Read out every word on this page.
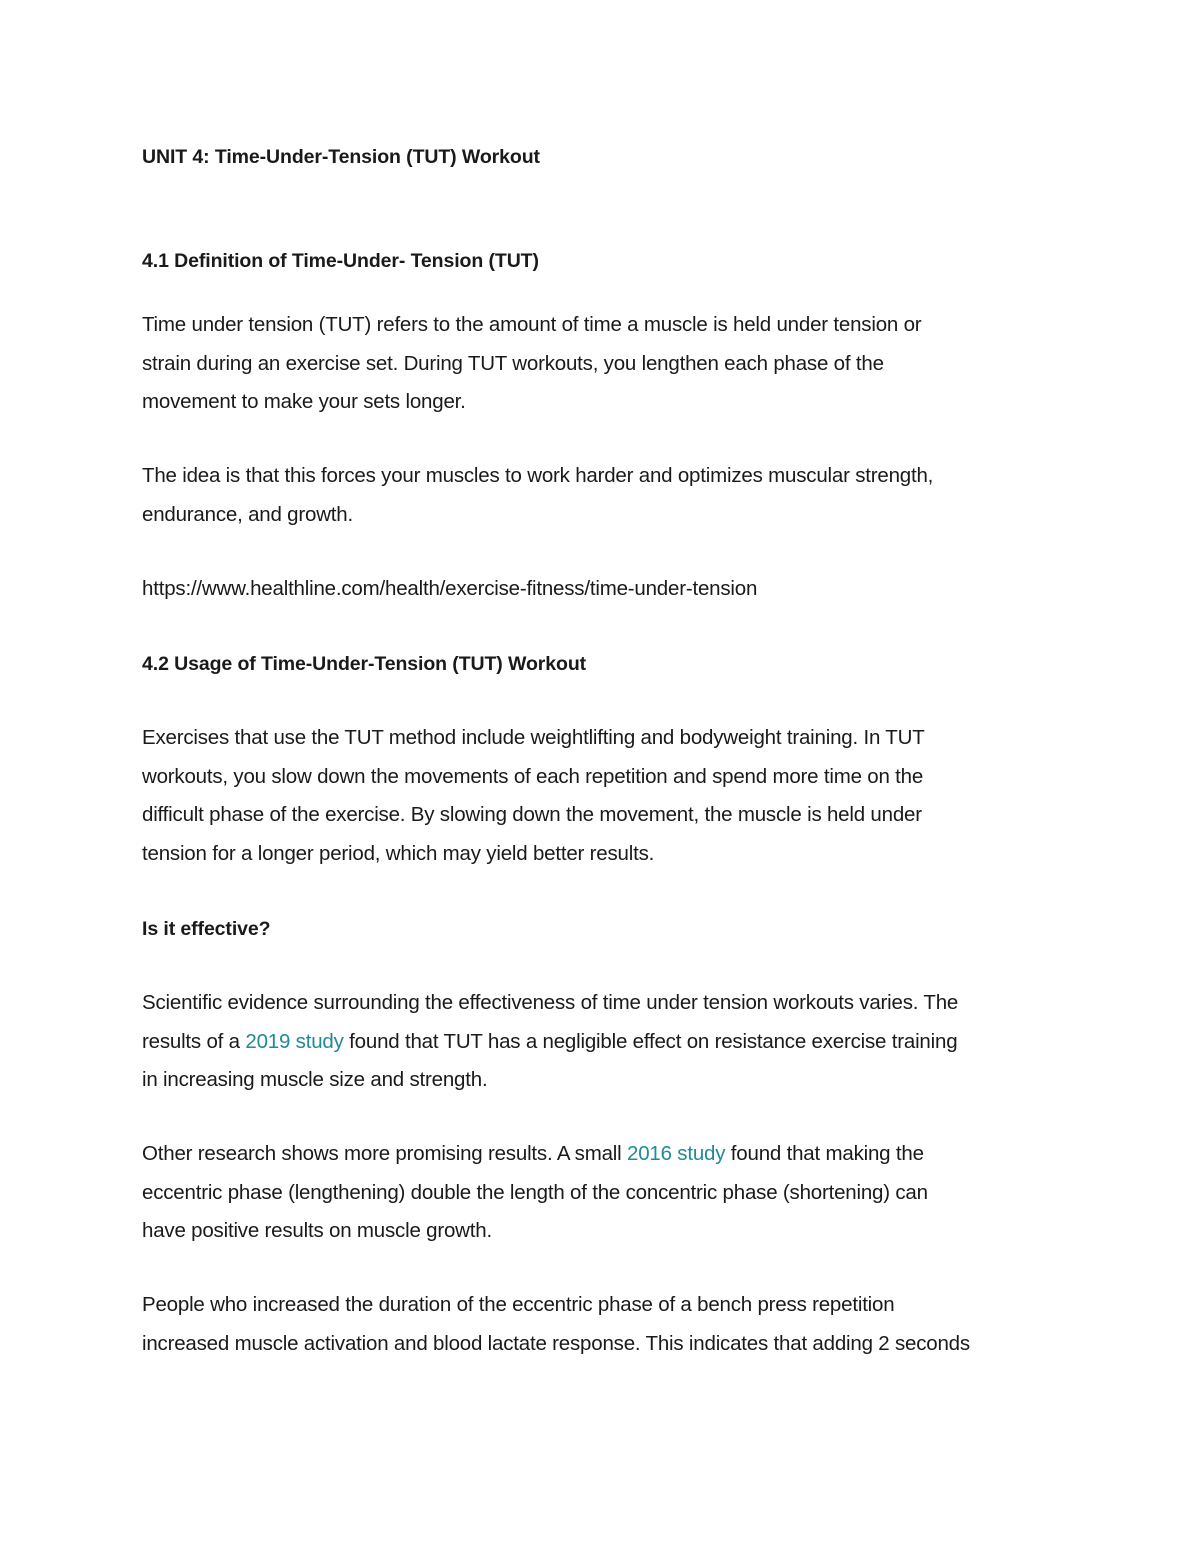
UNIT 4: Time-Under-Tension (TUT) Workout
4.1 Definition of Time-Under- Tension (TUT)
Time under tension (TUT) refers to the amount of time a muscle is held under tension or
strain during an exercise set. During TUT workouts, you lengthen each phase of the
movement to make your sets longer.
The idea is that this forces your muscles to work harder and optimizes muscular strength,
endurance, and growth.
https://www.healthline.com/health/exercise-fitness/time-under-tension
4.2 Usage of Time-Under-Tension (TUT) Workout
Exercises that use the TUT method include weightlifting and bodyweight training. In TUT
workouts, you slow down the movements of each repetition and spend more time on the
difficult phase of the exercise. By slowing down the movement, the muscle is held under
tension for a longer period, which may yield better results.
Is it effective?
Scientific evidence surrounding the effectiveness of time under tension workouts varies. The
results of a 2019 study found that TUT has a negligible effect on resistance exercise training
in increasing muscle size and strength.
Other research shows more promising results. A small 2016 study found that making the
eccentric phase (lengthening) double the length of the concentric phase (shortening) can
have positive results on muscle growth.
People who increased the duration of the eccentric phase of a bench press repetition
increased muscle activation and blood lactate response. This indicates that adding 2 seconds
